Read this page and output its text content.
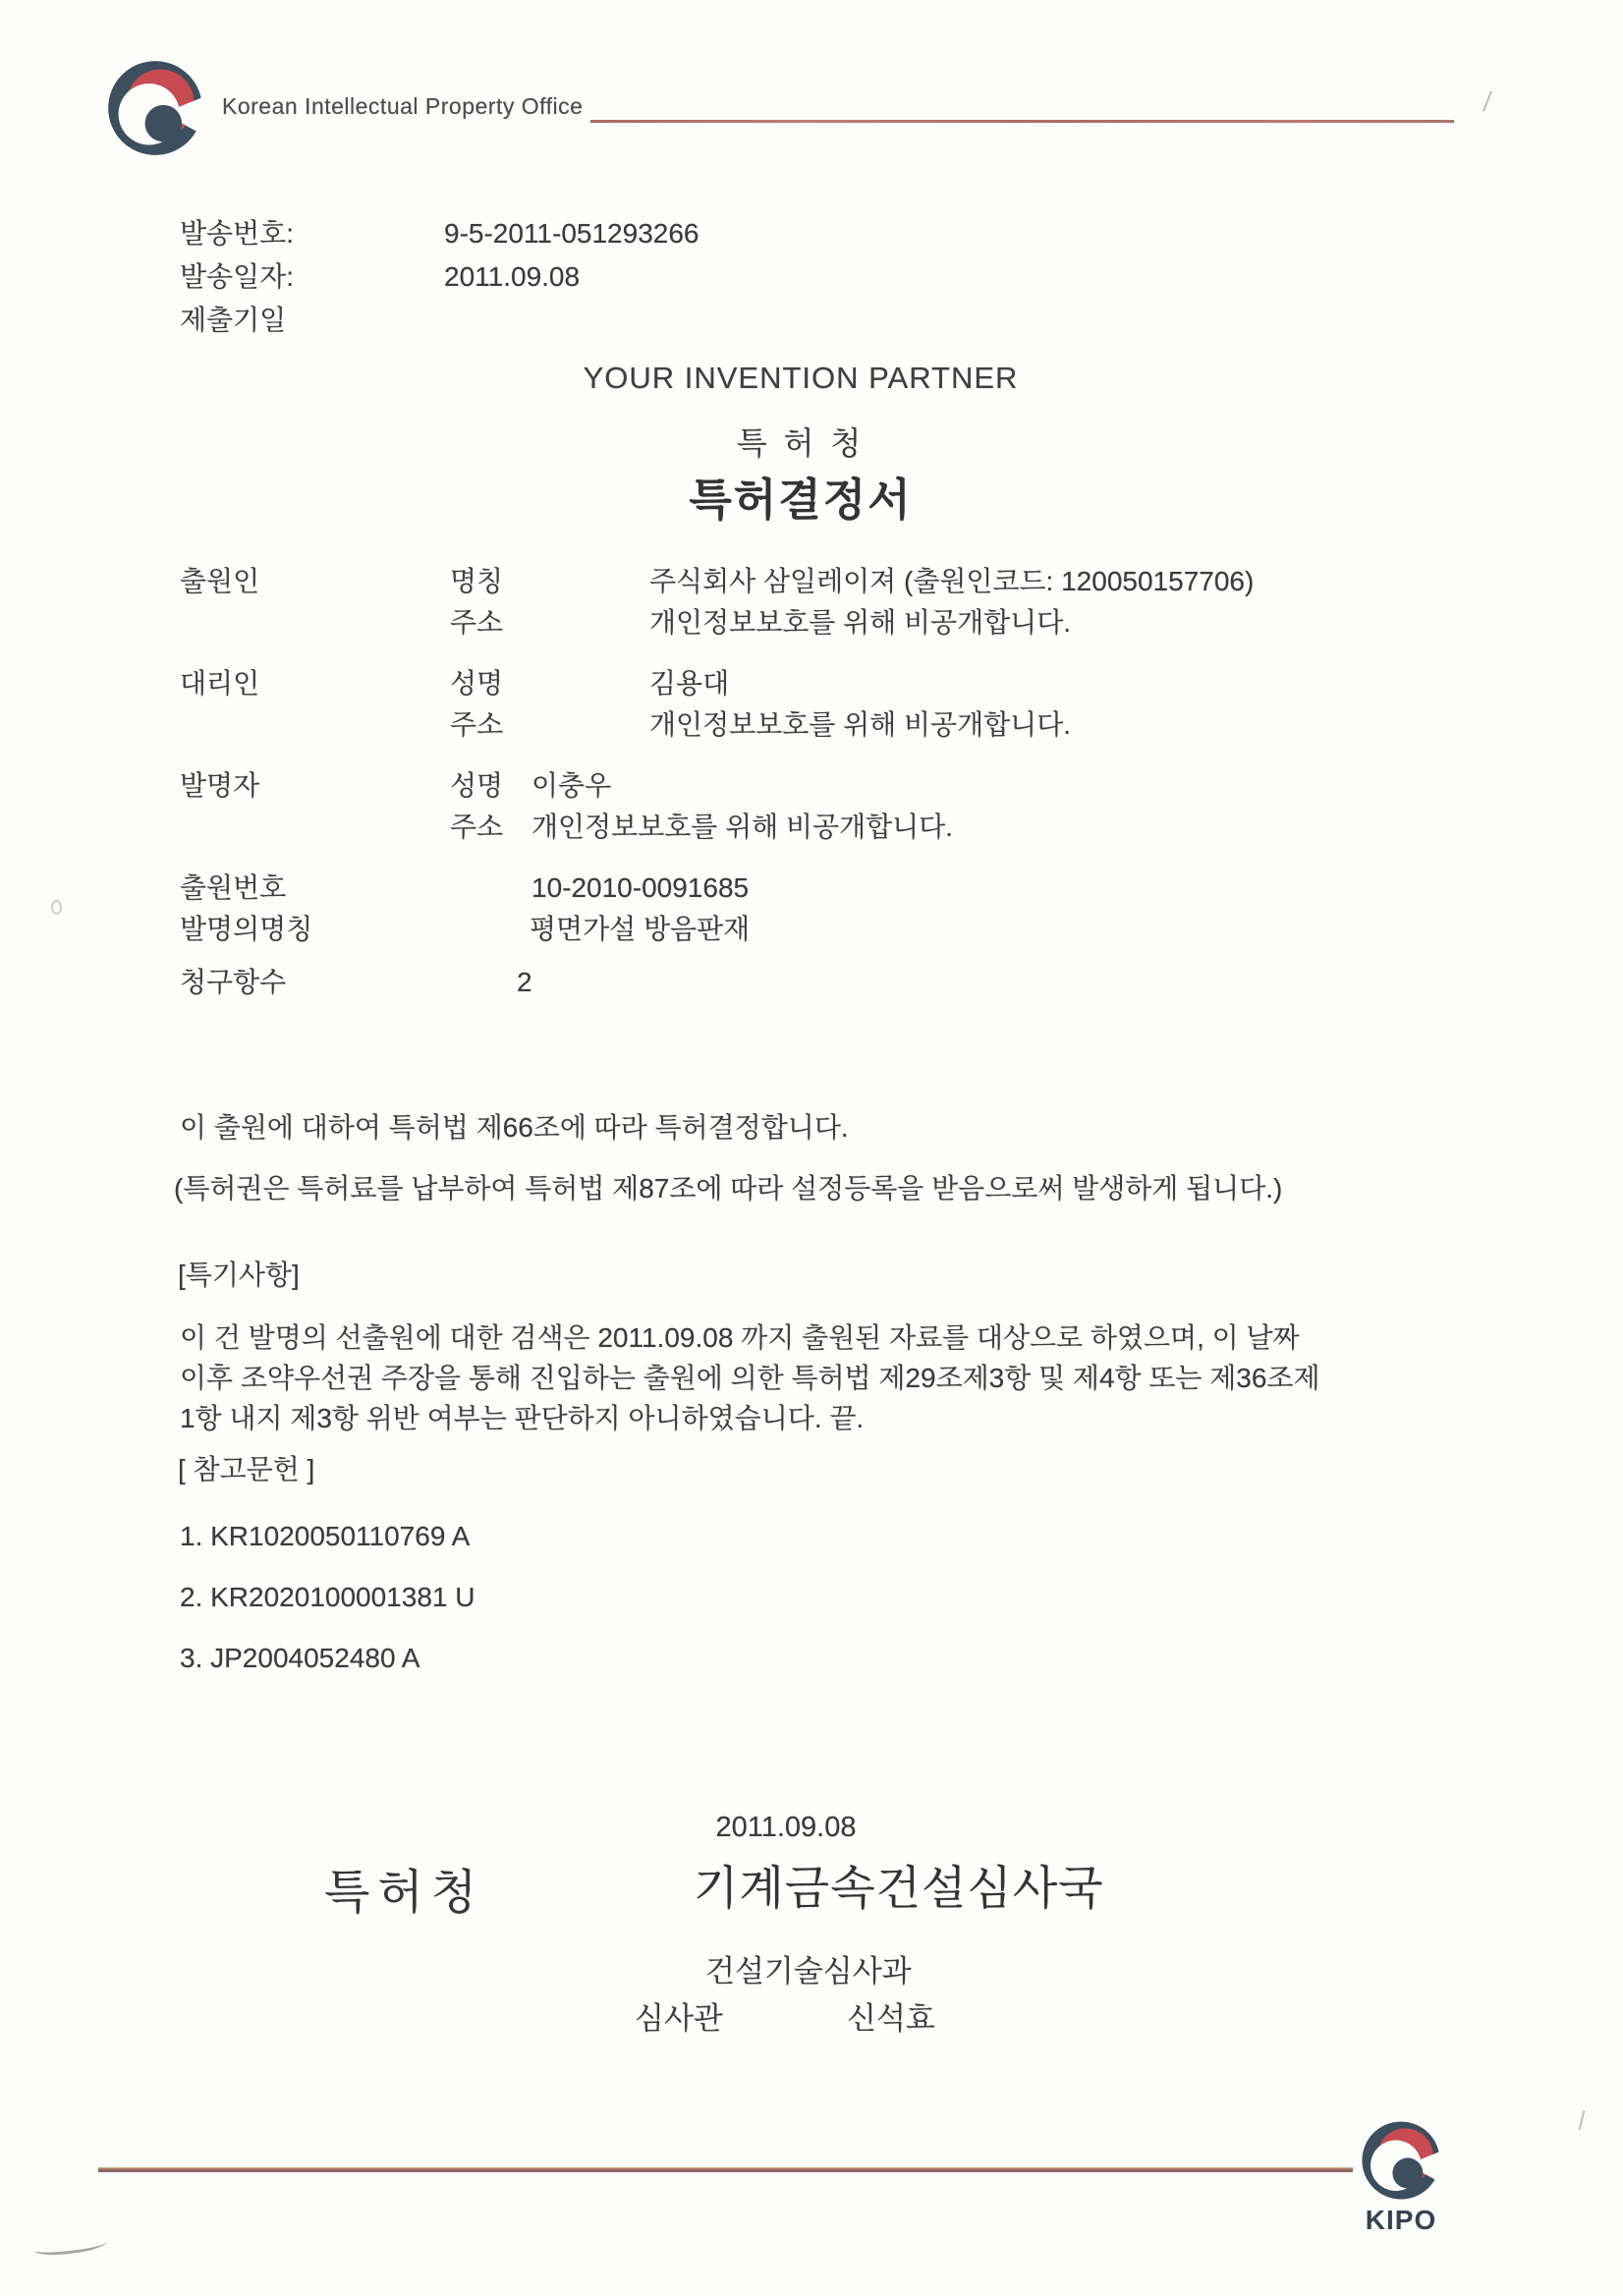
Korean Intellectual Property Office
발송번호:	9-5-2011-051293266
발송일자:	2011.09.08
제출기일
YOUR INVENTION PARTNER
특 허 청
특허결정서
출원인	명칭	주식회사 삼일레이져 (출원인코드: 120050157706)
주소	개인정보보호를 위해 비공개합니다.
대리인	성명	김용대
주소	개인정보보호를 위해 비공개합니다.
발명자	성명 이충우
주소 개인정보보호를 위해 비공개합니다.
출원번호	10-2010-0091685
발명의명칭	평면가설 방음판재
청구항수	2
이 출원에 대하여 특허법 제66조에 따라 특허결정합니다.
(특허권은 특허료를 납부하여 특허법 제87조에 따라 설정등록을 받음으로써 발생하게 됩니다.)
[특기사항]
이 건 발명의 선출원에 대한 검색은 2011.09.08 까지 출원된 자료를 대상으로 하였으며, 이 날짜
이후 조약우선권 주장을 통해 진입하는 출원에 의한 특허법 제29조제3항 및 제4항 또는 제36조제
1항 내지 제3항 위반 여부는 판단하지 아니하였습니다. 끝.
[ 참고문헌 ]
1. KR1020050110769 A
2. KR2020100001381 U
3. JP2004052480 A
2011.09.08
특허청	기계금속건설심사국
건설기술심사과
심사관	신석효
KIPO
